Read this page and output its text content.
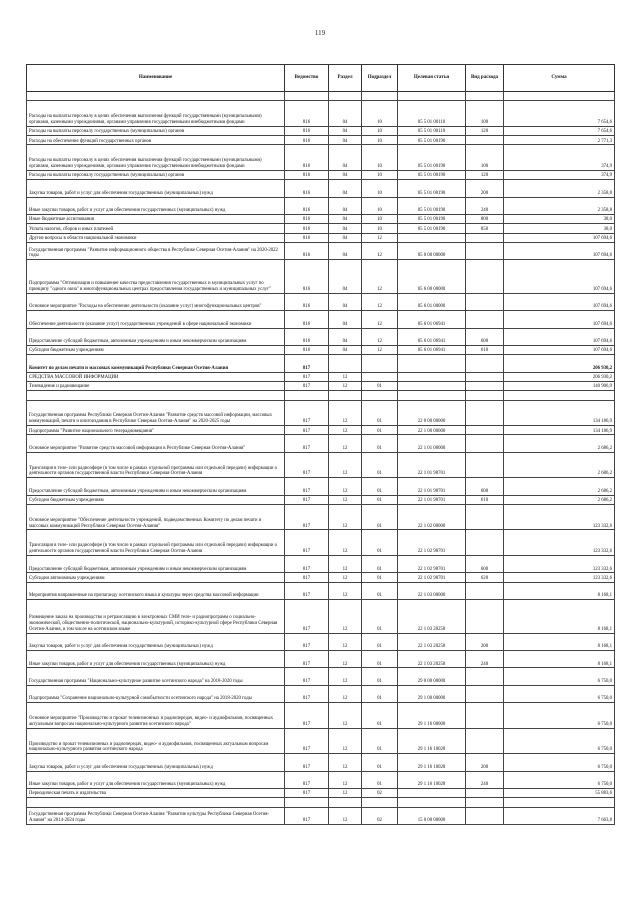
119
Наименование	Ведомство	Раздел	Подраздел	Целевая статья	Вид расхода	Сумма

Расходы на выплаты персоналу в целях обеспечения выполнения функций государственными (муниципальными) органами, казенными учреждениями, органами управления государственными внебюджетными фондами	816	04	10	05 5 01 00110	100	7 654,6
Расходы на выплаты персоналу государственных (муниципальных) органов	816	04	10	05 5 01 00110	120	7 654,6
Расходы на обеспечение функций государственных органов	816	04	10	05 5 01 00190		2 771,3
Расходы на выплаты персоналу в целях обеспечения выполнения функций государственными (муниципальными) органами, казенными учреждениями, органами управления государственными внебюджетными фондами	816	04	10	05 5 01 00190	100	374,9
Расходы на выплаты персоналу государственных (муниципальных) органов	816	04	10	05 5 01 00190	120	374,9
Закупка товаров, работ и услуг для обеспечения государственных (муниципальных) нужд	816	04	10	05 5 01 00190	200	2 358,8
Иные закупки товаров, работ и услуг для обеспечения государственных (муниципальных) нужд	816	04	10	05 5 01 00190	240	2 358,8
Иные бюджетные ассигнования	816	04	10	05 5 01 00190	800	38,0
Уплата налогов, сборов и иных платежей	816	04	10	05 5 01 00190	850	38,0
Другие вопросы в области национальной экономики	816	04	12			107 694,6
Государственная программа "Развитие информационного общества в Республике Северная Осетия-Алания" на 2020-2022 годы	816	04	12	05 0 00 00000		107 694,6
Подпрограмма "Оптимизация и повышение качества предоставления государственных и муниципальных услуг по принципу "одного окна" в многофункциональных центрах предоставления государственных и муниципальных услуг"	816	04	12	05 6 00 00000		107 694,6
Основное мероприятие "Расходы на обеспечение деятельности (оказание услуг) многофункциональных центров"	816	04	12	05 6 01 00000		107 694,6
Обеспечение деятельности (оказание услуг) государственных учреждений в сфере национальной экономики	816	04	12	05 6 01 06941		107 694,6
Предоставление субсидий бюджетным, автономным учреждениям и иным некоммерческим организациям	816	04	12	05 6 01 06941	600	107 694,6
Субсидии бюджетным учреждениям	816	04	12	05 6 01 06941	610	107 694,6
Комитет по делам печати и массовых коммуникаций Республики Северная Осетия-Алания	817					206 930,2
СРЕДСТВА МАССОВОЙ ИНФОРМАЦИИ	817	12				206 930,2
Телевидение и радиовещание	817	12	01			140 906,9

Государственная программа Республики Северная Осетия-Алания "Развитие средств массовой информации, массовых коммуникаций, печати и книгоиздания в Республике Северная Осетия-Алания" на 2020-2025 годы	817	12	01	22 0 00 00000		134 186,9
Подпрограмма "Развитие национального телерадиовещания"	817	12	01	22 1 00 00000		134 186,9
Основное мероприятие "Развитие средств массовой информации в Республике Северная Осетия-Алания"	817	12	01	22 1 01 00000		2 686,2
Трансляция в теле- или радиоэфире (в том числе в рамках отдельной программы или отдельной передачи) информации о деятельности органов государственной власти Республики Северная Осетия-Алания	817	12	01	22 1 01 98701		2 686,2
Предоставление субсидий бюджетным, автономным учреждениям и иным некоммерческим организациям	817	12	01	22 1 01 98701	600	2 686,2
Субсидии бюджетным учреждениям	817	12	01	22 1 01 98701	610	2 686,2
Основное мероприятие "Обеспечение деятельности учреждений, подведомственных Комитету по делам печати и массовых коммуникаций Республики Северная Осетия-Алания"	817	12	01	22 1 02 00000		123 332,6
Трансляция в теле- или радиоэфире (в том числе в рамках отдельной программы или отдельной передачи) информации о деятельности органов государственной власти Республики Северная Осетия-Алания	817	12	01	22 1 02 98701		123 332,6
Предоставление субсидий бюджетным, автономным учреждениям и иным некоммерческим организациям	817	12	01	22 1 02 98701	600	123 332,6
Субсидии автономным учреждениям	817	12	01	22 1 02 98701	620	123 332,6
Мероприятия направленные на пропаганду осетинского языка и культуры через средства массовой информации	817	12	01	22 1 03 00000		8 168,1
Размещение заказа на производство и ретрансляцию в электронных СМИ теле- и радиопрограмм о социально-экономической, общественно-политической, национально-культурной, историко-культурной сфере Республики Северная Осетия-Алания, в том числе на осетинском языке	817	12	01	22 1 03 20258		8 168,1
Закупка товаров, работ и услуг для обеспечения государственных (муниципальных) нужд	817	12	01	22 1 03 20258	200	8 168,1
Иные закупки товаров, работ и услуг для обеспечения государственных (муниципальных) нужд	817	12	01	22 1 03 20258	240	8 168,1
Государственная программа "Национально-культурное развитие осетинского народа" на 2018-2020 годы	817	12	01	29 0 00 00000		6 750,0
Подпрограмма "Сохранение национально-культурной самобытности осетинского народа" на 2018-2020 годы	817	12	01	29 1 00 00000		6 750,0
Основное мероприятие "Производство и прокат телевизионных и радиопередач, видео- и аудиофильмов, посвященных актуальным вопросам национально-культурного развития осетинского народа"	817	12	01	29 1 16 00000		6 750,0
Производство и прокат телевизионных и радиопередач, видео- и аудиофильмов, посвященных актуальным вопросам национально-культурного развития осетинского народа	817	12	01	29 1 16 10028		6 750,0
Закупка товаров, работ и услуг для обеспечения государственных (муниципальных) нужд	817	12	01	29 1 16 10028	200	6 750,0
Иные закупки товаров, работ и услуг для обеспечения государственных (муниципальных) нужд	817	12	01	29 1 16 10028	240	6 750,0
Периодическая печать и издательства	817	12	02			55 883,6

Государственная программа Республики Северная Осетия-Алания "Развитие культуры Республики Северная Осетия-Алания" на 2014-2024 годы	817	12	02	15 0 00 00000		7 663,8
